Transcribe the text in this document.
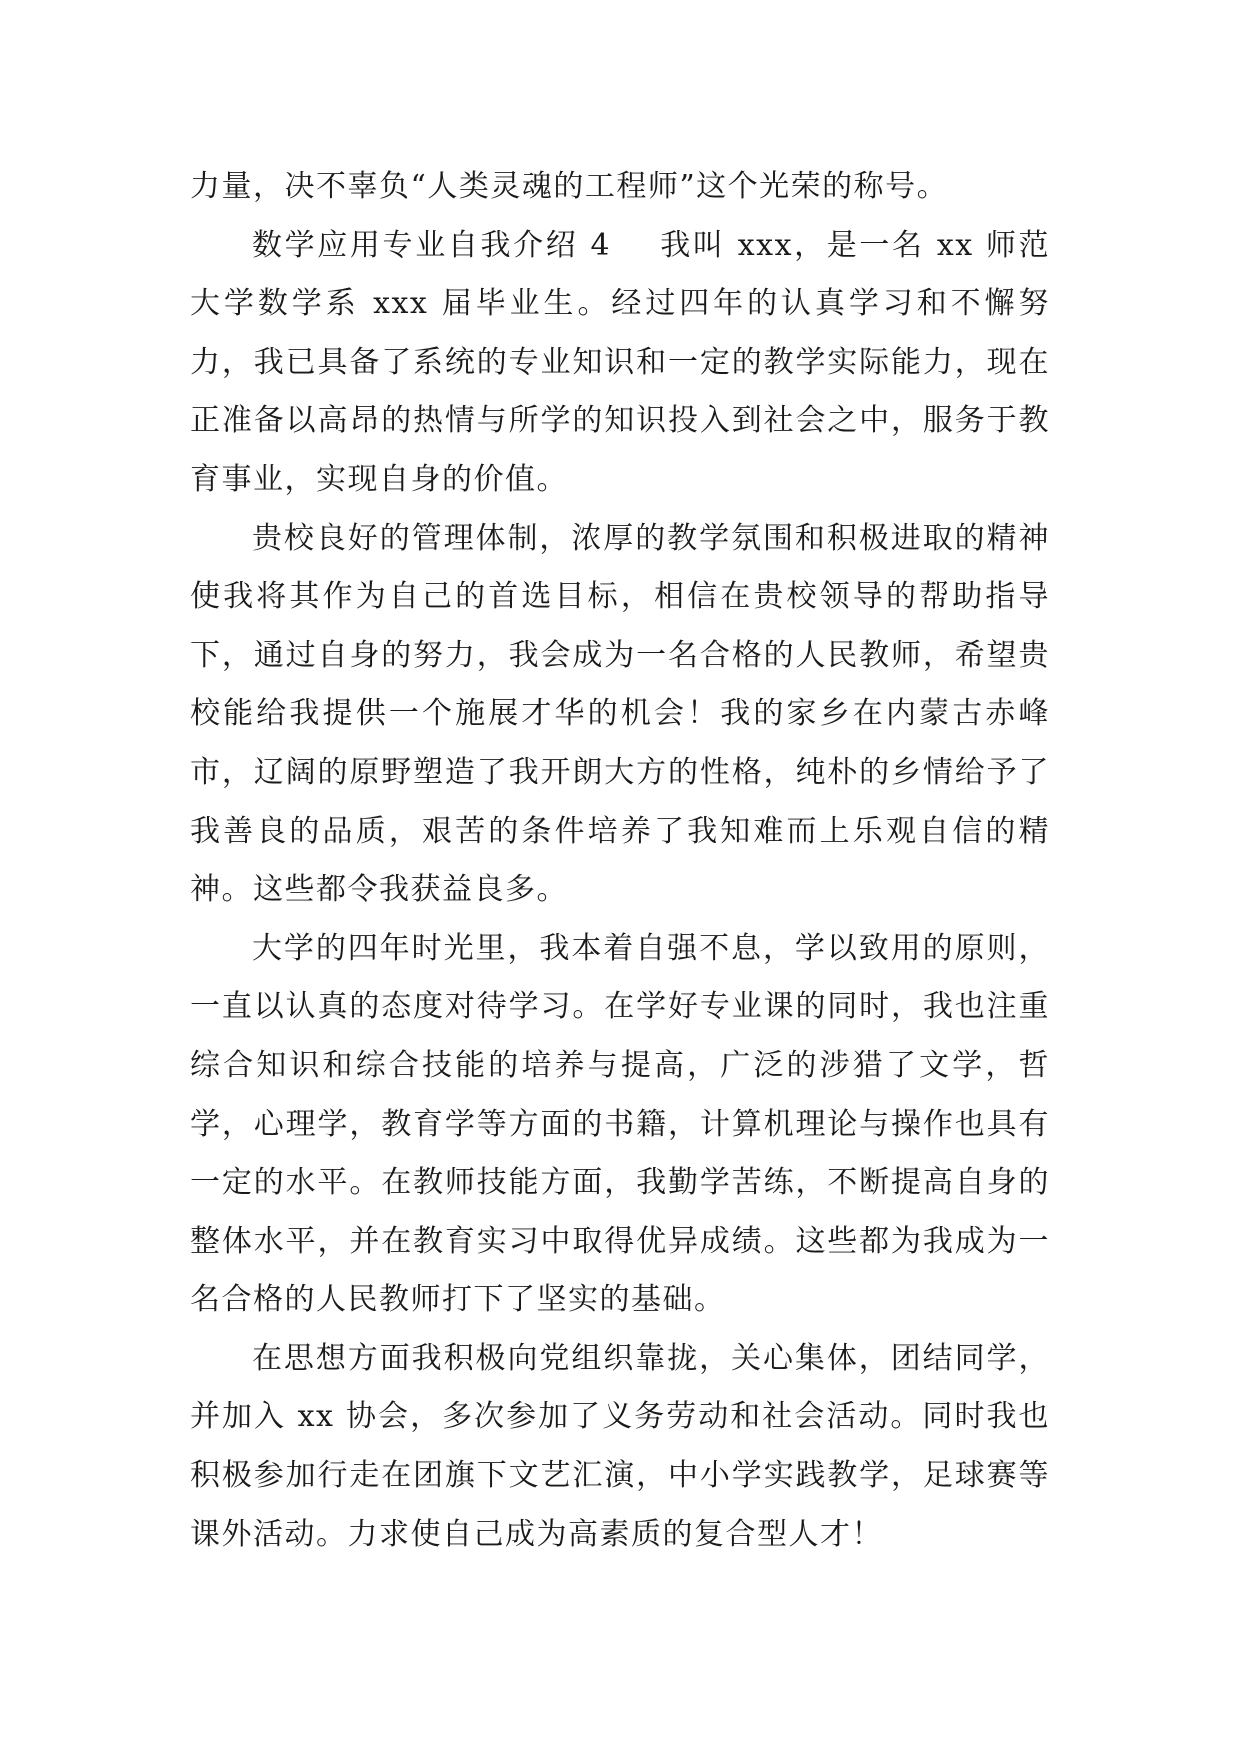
力量，决不辜负“人类灵魂的工程师”这个光荣的称号。

数学应用专业自我介绍 4 我叫 xxx，是一名 xx 师范大学数学系 xxx 届毕业生。经过四年的认真学习和不懈努力，我已具备了系统的专业知识和一定的教学实际能力，现在正准备以高昂的热情与所学的知识投入到社会之中，服务于教育事业，实现自身的价值。

贵校良好的管理体制，浓厚的教学氛围和积极进取的精神使我将其作为自己的首选目标，相信在贵校领导的帮助指导下，通过自身的努力，我会成为一名合格的人民教师，希望贵校能给我提供一个施展才华的机会！我的家乡在内蒙古赤峰市，辽阔的原野塑造了我开朗大方的性格，纯朴的乡情给予了我善良的品质，艰苦的条件培养了我知难而上乐观自信的精神。这些都令我获益良多。

大学的四年时光里，我本着自强不息，学以致用的原则，一直以认真的态度对待学习。在学好专业课的同时，我也注重综合知识和综合技能的培养与提高，广泛的涉猎了文学，哲学，心理学，教育学等方面的书籍，计算机理论与操作也具有一定的水平。在教师技能方面，我勤学苦练，不断提高自身的整体水平，并在教育实习中取得优异成绩。这些都为我成为一名合格的人民教师打下了坚实的基础。

在思想方面我积极向党组织靠拢，关心集体，团结同学，并加入 xx 协会，多次参加了义务劳动和社会活动。同时我也积极参加行走在团旗下文艺汇演，中小学实践教学，足球赛等课外活动。力求使自己成为高素质的复合型人才！
